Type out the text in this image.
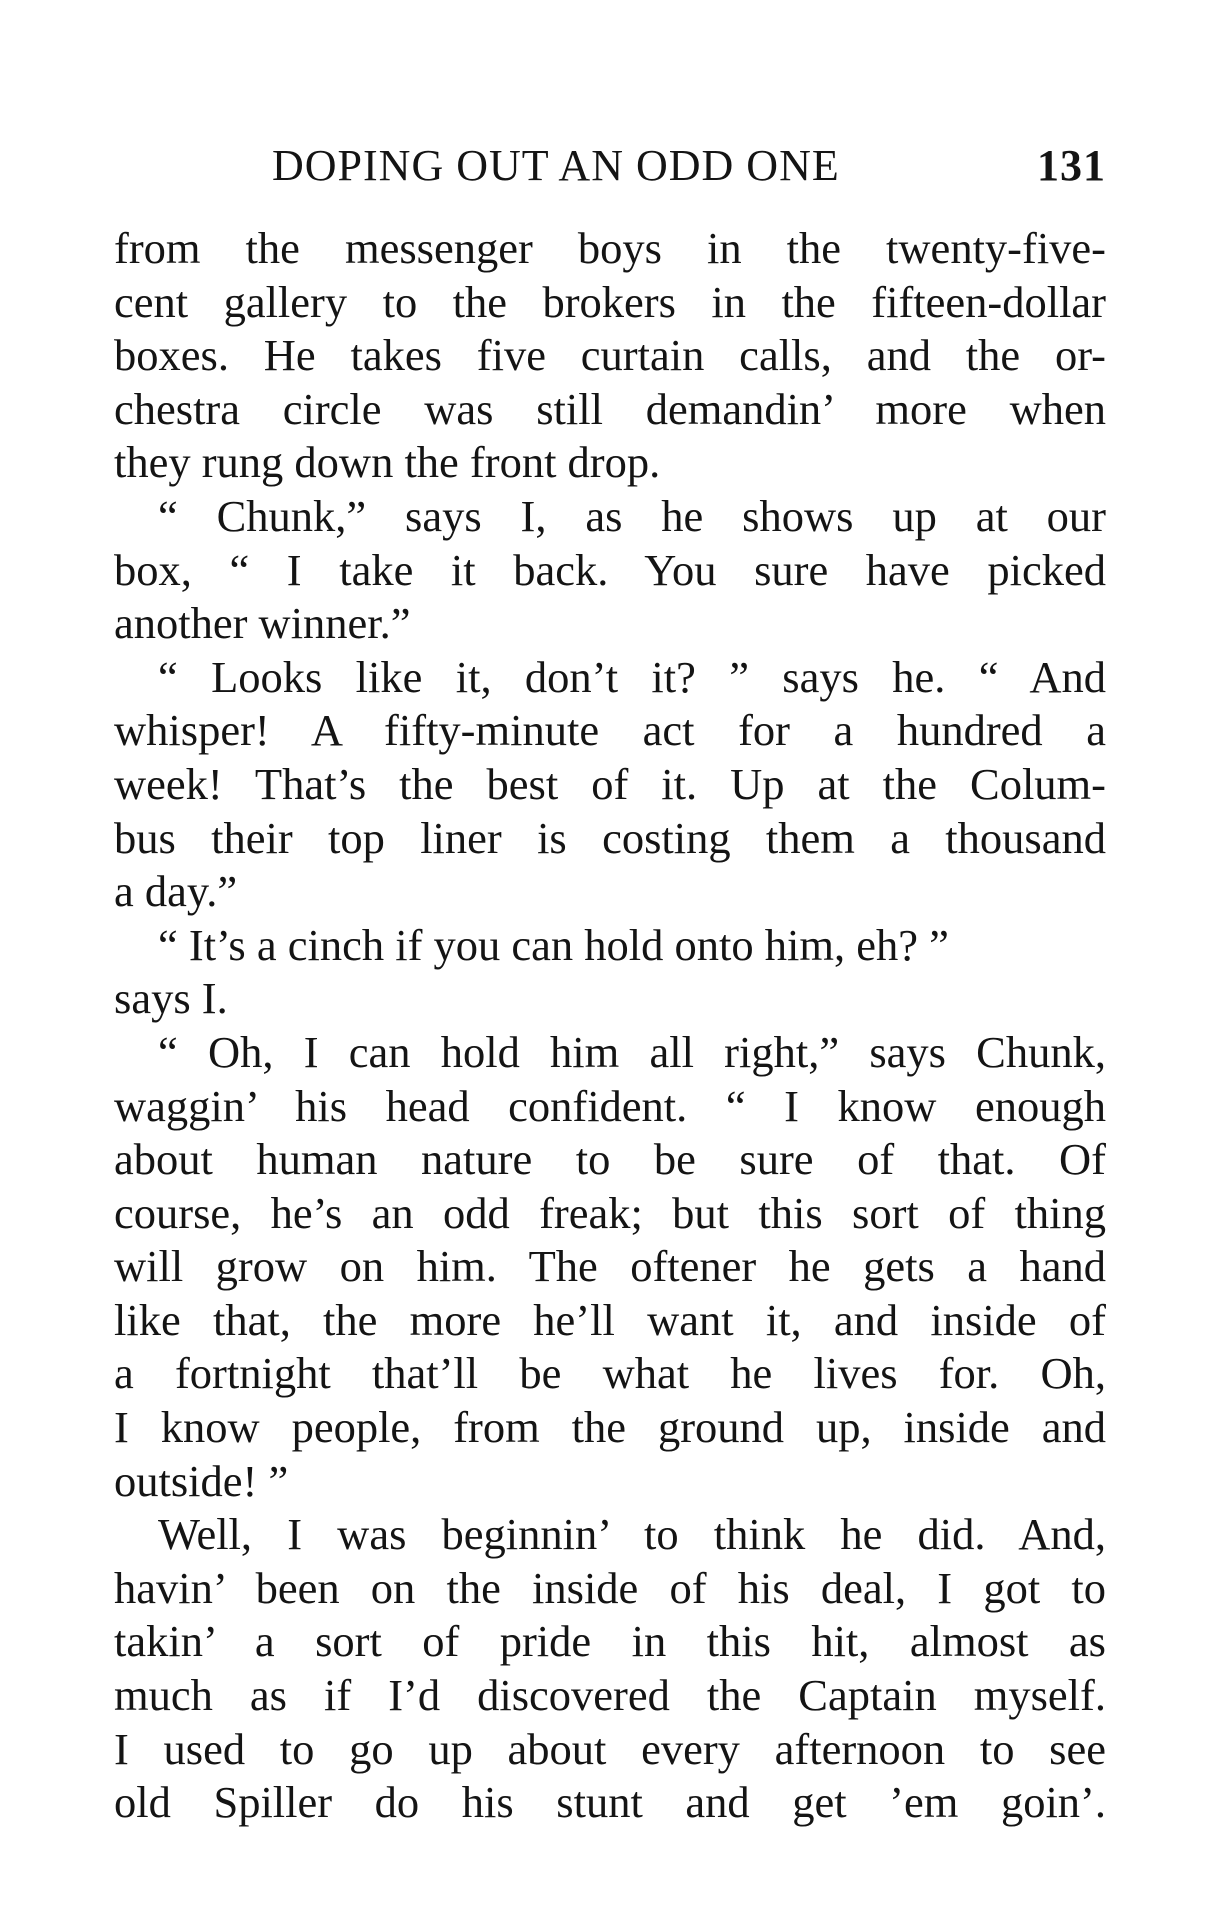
DOPING OUT AN ODD ONE	131
from the messenger boys in the twenty-five-
cent gallery to the brokers in the fifteen-dollar
boxes. He takes five curtain calls, and the or-
chestra circle was still demandin’ more when
they rung down the front drop.
“ Chunk,” says I, as he shows up at our
box, “ I take it back. You sure have picked
another winner.”
“ Looks like it, don’t it? ” says he. “ And
whisper! A fifty-minute act for a hundred a
week! That’s the best of it. Up at the Colum-
bus their top liner is costing them a thousand
a day.”
“ It’s a cinch if you can hold onto him, eh? ”
says I.
“ Oh, I can hold him all right,” says Chunk,
waggin’ his head confident. “ I know enough
about human nature to be sure of that. Of
course, he’s an odd freak; but this sort of thing
will grow on him. The oftener he gets a hand
like that, the more he’ll want it, and inside of
a fortnight that’ll be what he lives for. Oh,
I know people, from the ground up, inside and
outside! ”
Well, I was beginnin’ to think he did. And,
havin’ been on the inside of his deal, I got to
takin’ a sort of pride in this hit, almost as
much as if I’d discovered the Captain myself.
I used to go up about every afternoon to see
old Spiller do his stunt and get ’em goin’.
